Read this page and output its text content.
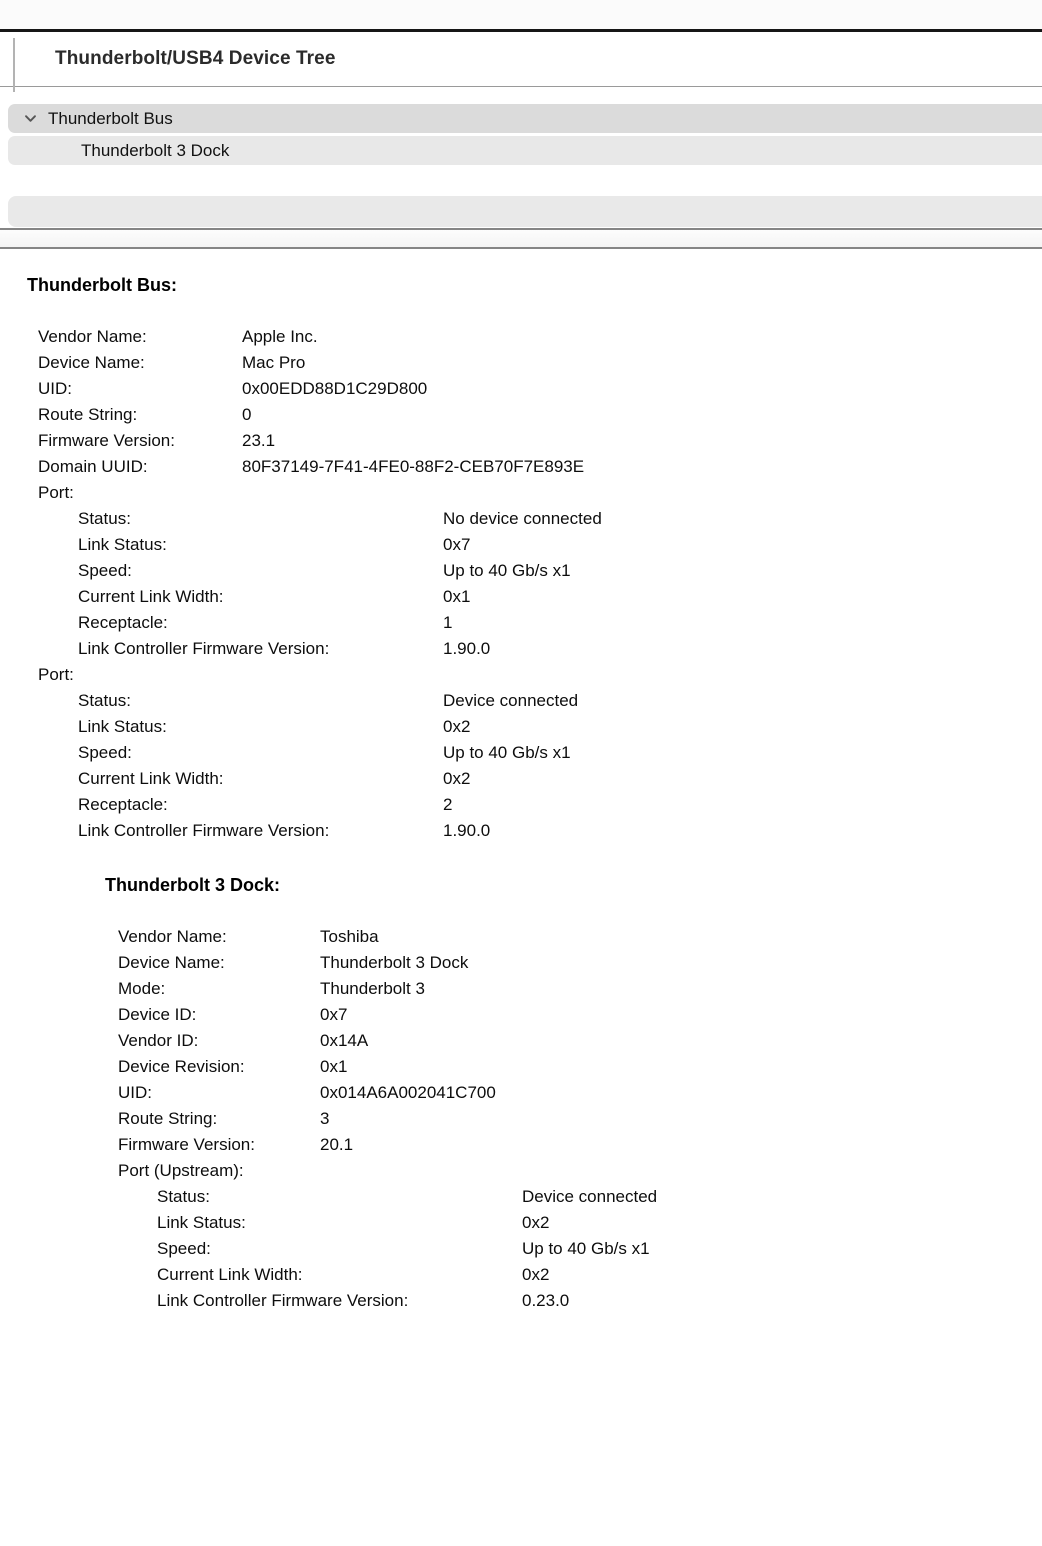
Thunderbolt/USB4 Device Tree
Thunderbolt Bus
Thunderbolt 3 Dock
Thunderbolt Bus:
Vendor Name:	Apple Inc.
Device Name:	Mac Pro
UID:	0x00EDD88D1C29D800
Route String:	0
Firmware Version:	23.1
Domain UUID:	80F37149-7F41-4FE0-88F2-CEB70F7E893E
Port:
Status:	No device connected
Link Status:	0x7
Speed:	Up to 40 Gb/s x1
Current Link Width:	0x1
Receptacle:	1
Link Controller Firmware Version:	1.90.0
Port:
Status:	Device connected
Link Status:	0x2
Speed:	Up to 40 Gb/s x1
Current Link Width:	0x2
Receptacle:	2
Link Controller Firmware Version:	1.90.0
Thunderbolt 3 Dock:
Vendor Name:	Toshiba
Device Name:	Thunderbolt 3 Dock
Mode:	Thunderbolt 3
Device ID:	0x7
Vendor ID:	0x14A
Device Revision:	0x1
UID:	0x014A6A002041C700
Route String:	3
Firmware Version:	20.1
Port (Upstream):
Status:	Device connected
Link Status:	0x2
Speed:	Up to 40 Gb/s x1
Current Link Width:	0x2
Link Controller Firmware Version:	0.23.0
